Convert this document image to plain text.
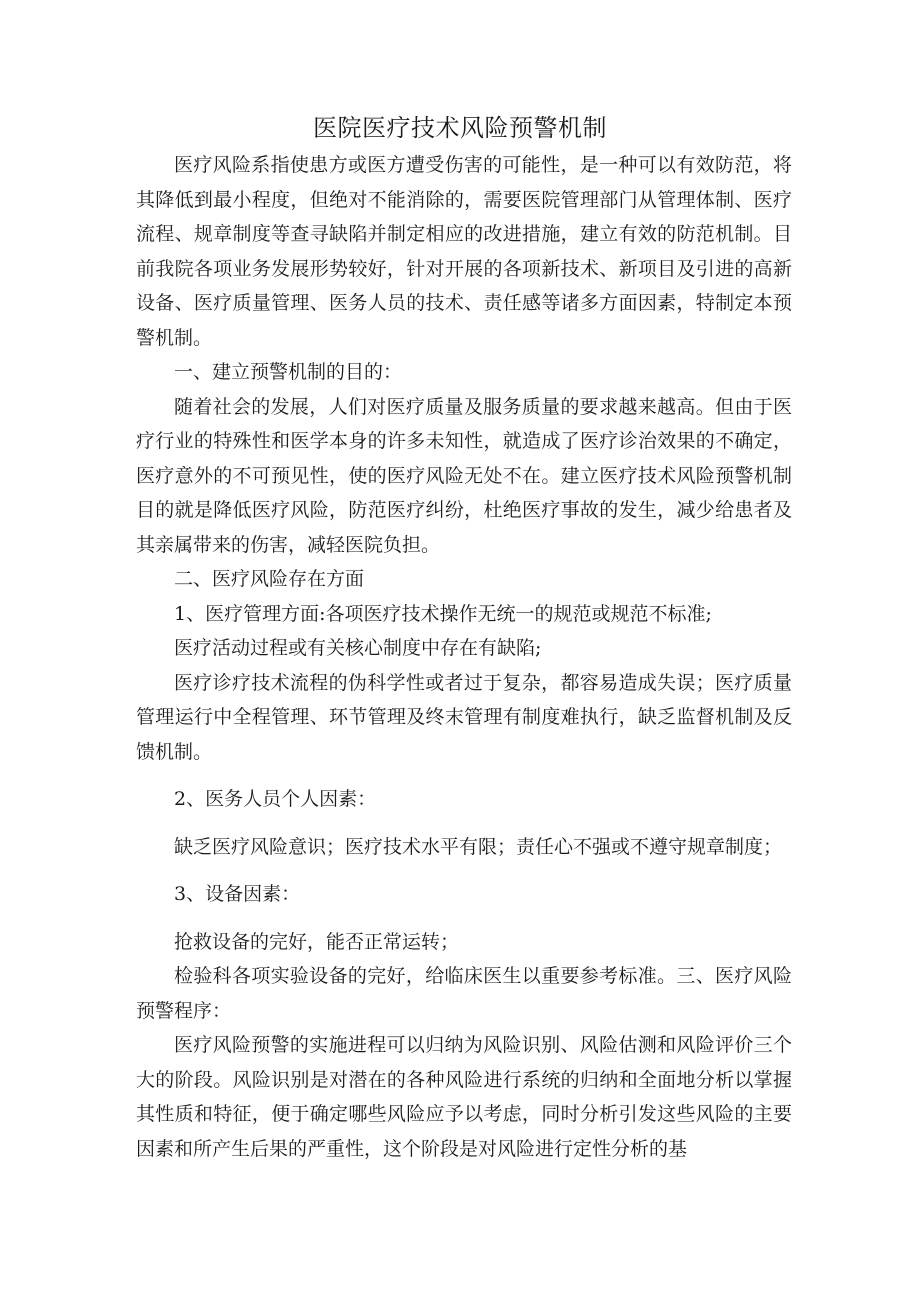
医院医疗技术风险预警机制

医疗风险系指使患方或医方遭受伤害的可能性，是一种可以有效防范，将其降低到最小程度，但绝对不能消除的，需要医院管理部门从管理体制、医疗流程、规章制度等查寻缺陷并制定相应的改进措施，建立有效的防范机制。目前我院各项业务发展形势较好，针对开展的各项新技术、新项目及引进的高新设备、医疗质量管理、医务人员的技术、责任感等诸多方面因素，特制定本预警机制。

一、建立预警机制的目的：

随着社会的发展，人们对医疗质量及服务质量的要求越来越高。但由于医疗行业的特殊性和医学本身的许多未知性，就造成了医疗诊治效果的不确定，医疗意外的不可预见性，使的医疗风险无处不在。建立医疗技术风险预警机制目的就是降低医疗风险，防范医疗纠纷，杜绝医疗事故的发生，减少给患者及其亲属带来的伤害，减轻医院负担。

二、医疗风险存在方面

1、医疗管理方面:各项医疗技术操作无统一的规范或规范不标准;

医疗活动过程或有关核心制度中存在有缺陷;

医疗诊疗技术流程的伪科学性或者过于复杂，都容易造成失误；医疗质量管理运行中全程管理、环节管理及终末管理有制度难执行，缺乏监督机制及反馈机制。

2、医务人员个人因素：

缺乏医疗风险意识；医疗技术水平有限；责任心不强或不遵守规章制度；

3、设备因素：

抢救设备的完好，能否正常运转；

检验科各项实验设备的完好，给临床医生以重要参考标准。三、医疗风险预警程序：

医疗风险预警的实施进程可以归纳为风险识别、风险估测和风险评价三个大的阶段。风险识别是对潜在的各种风险进行系统的归纳和全面地分析以掌握其性质和特征，便于确定哪些风险应予以考虑，同时分析引发这些风险的主要因素和所产生后果的严重性，这个阶段是对风险进行定性分析的基
